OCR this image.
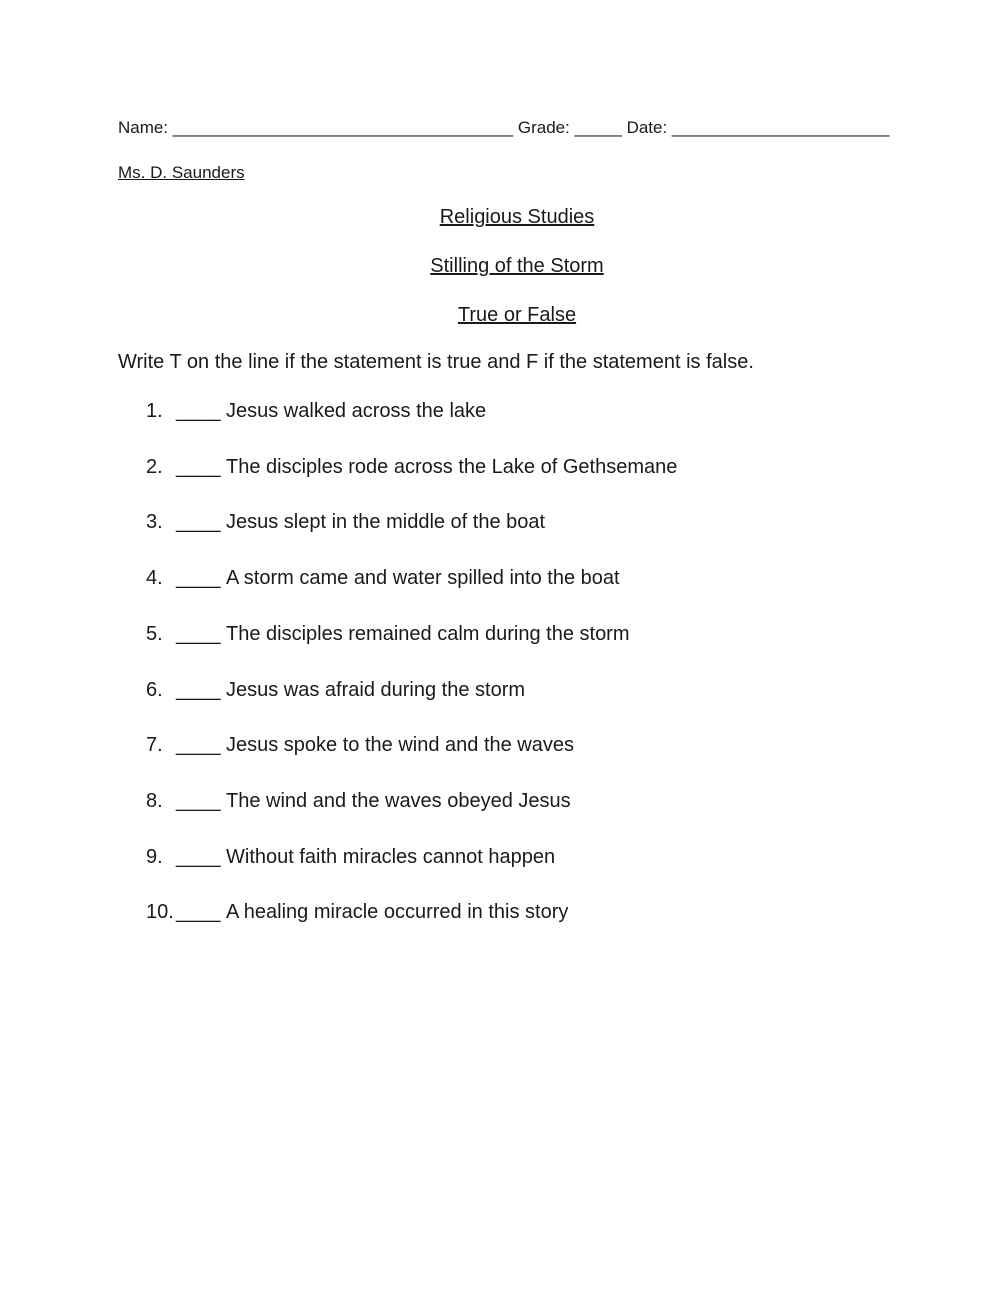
Name: ____________________________________ Grade: _____ Date: _______________________
Ms. D. Saunders
Religious Studies
Stilling of the Storm
True or False
Write T on the line if the statement is true and F if the statement is false.
1. ____ Jesus walked across the lake
2. ____ The disciples rode across the Lake of Gethsemane
3. ____ Jesus slept in the middle of the boat
4. ____ A storm came and water spilled into the boat
5. ____ The disciples remained calm during the storm
6. ____ Jesus was afraid during the storm
7. ____ Jesus spoke to the wind and the waves
8. ____ The wind and the waves obeyed Jesus
9. ____ Without faith miracles cannot happen
10. ____ A healing miracle occurred in this story
